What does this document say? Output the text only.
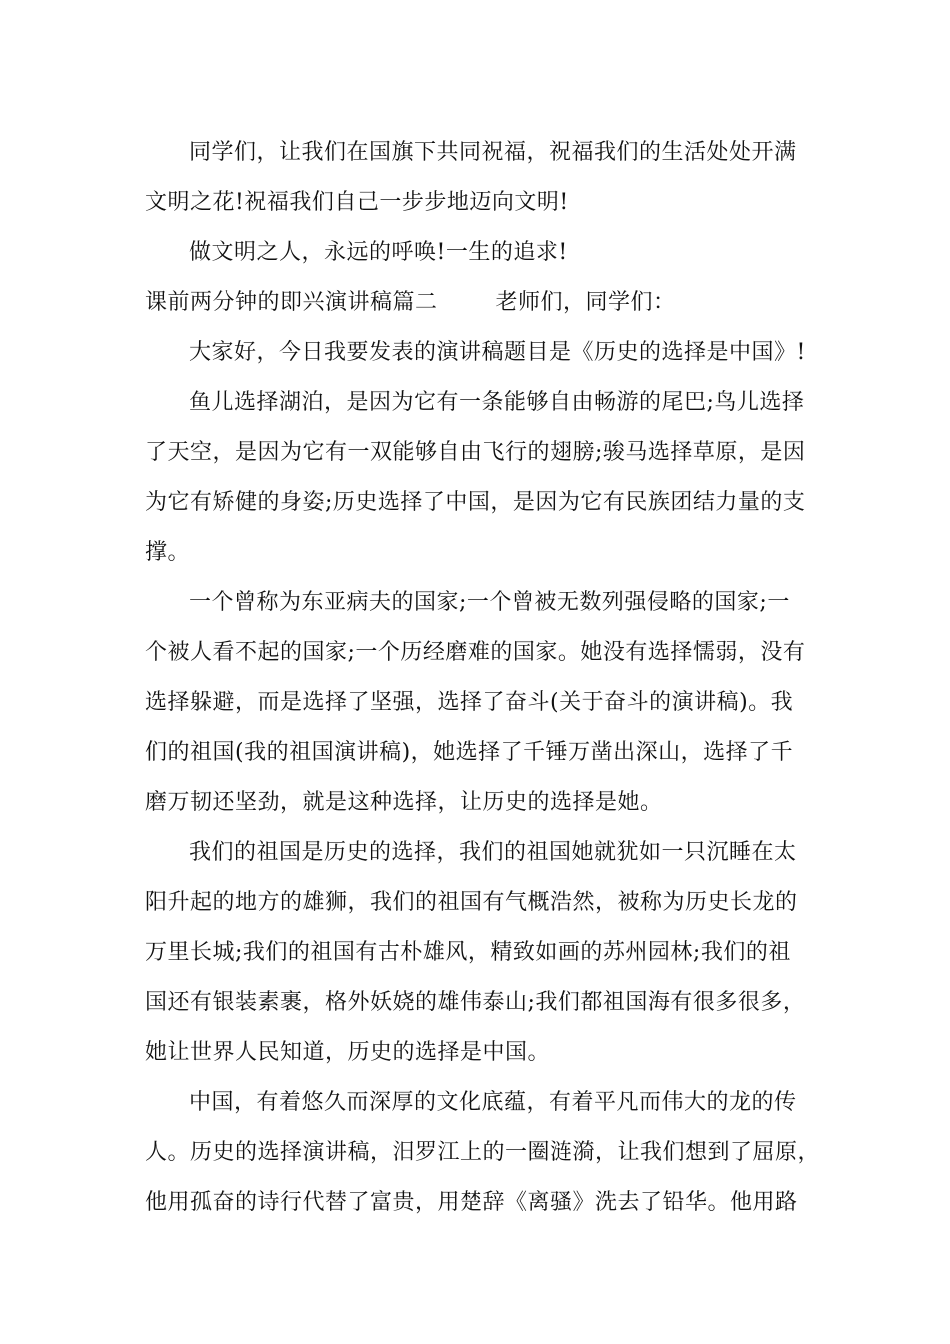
同学们，让我们在国旗下共同祝福，祝福我们的生活处处开满
文明之花!祝福我们自己一步步地迈向文明!
做文明之人，永远的呼唤!一生的追求!
课前两分钟的即兴演讲稿篇二	老师们，同学们：
大家好，今日我要发表的演讲稿题目是《历史的选择是中国》!
鱼儿选择湖泊，是因为它有一条能够自由畅游的尾巴;鸟儿选择
了天空，是因为它有一双能够自由飞行的翅膀;骏马选择草原，是因
为它有矫健的身姿;历史选择了中国，是因为它有民族团结力量的支
撑。
一个曾称为东亚病夫的国家;一个曾被无数列强侵略的国家;一
个被人看不起的国家;一个历经磨难的国家。她没有选择懦弱，没有
选择躲避，而是选择了坚强，选择了奋斗(关于奋斗的演讲稿)。我
们的祖国(我的祖国演讲稿)，她选择了千锤万凿出深山，选择了千
磨万韧还坚劲，就是这种选择，让历史的选择是她。
我们的祖国是历史的选择，我们的祖国她就犹如一只沉睡在太
阳升起的地方的雄狮，我们的祖国有气概浩然，被称为历史长龙的
万里长城;我们的祖国有古朴雄风，精致如画的苏州园林;我们的祖
国还有银装素裹，格外妖娆的雄伟泰山;我们都祖国海有很多很多，
她让世界人民知道，历史的选择是中国。
中国，有着悠久而深厚的文化底蕴，有着平凡而伟大的龙的传
人。历史的选择演讲稿，汨罗江上的一圈涟漪，让我们想到了屈原，
他用孤奋的诗行代替了富贵，用楚辞《离骚》洗去了铅华。他用路
